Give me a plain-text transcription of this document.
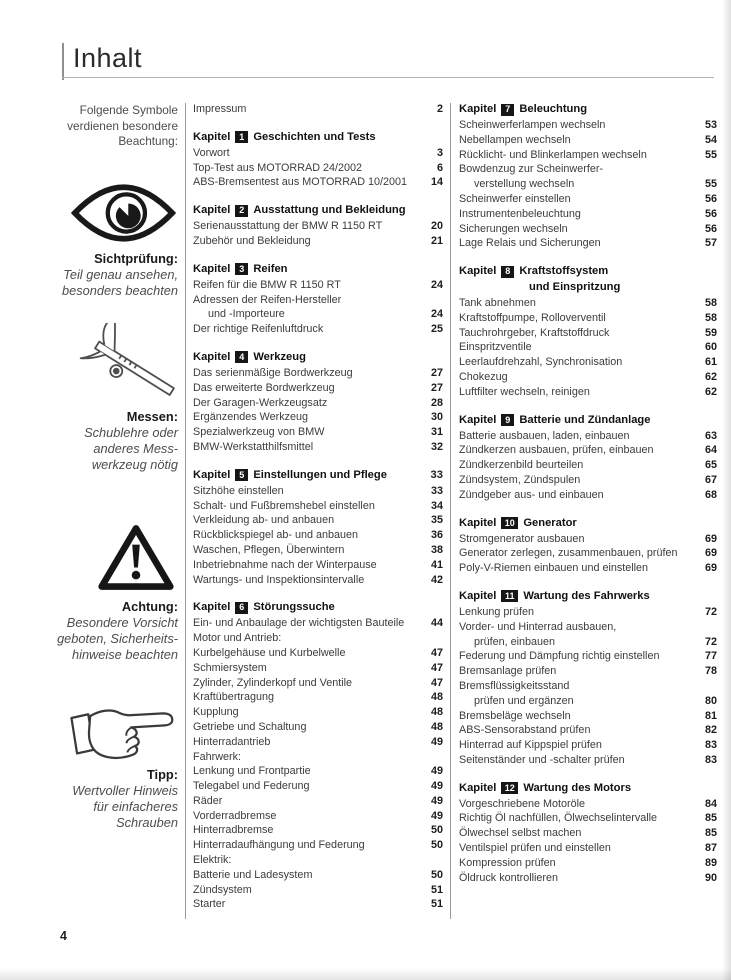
Inhalt

Folgende Symbole
verdienen besondere
Beachtung:

Sichtprüfung:
Teil genau ansehen,
besonders beachten
Messen:
Schublehre oder
anderes Mess-
werkzeug nötig
Achtung:
Besondere Vorsicht
geboten, Sicherheits-
hinweise beachten
Tipp:
Wertvoller Hinweis
für einfacheres
Schrauben
Impressum	2
Kapitel 1 Geschichten und Tests
Vorwort	3
Top-Test aus MOTORRAD 24/2002	6
ABS-Bremsentest aus MOTORRAD 10/2001	14
Kapitel 2 Ausstattung und Bekleidung
Serienausstattung der BMW R 1150 RT	20
Zubehör und Bekleidung	21
Kapitel 3 Reifen
Reifen für die BMW R 1150 RT	24
Adressen der Reifen-Hersteller
und -Importeure	24
Der richtige Reifenluftdruck	25
Kapitel 4 Werkzeug
Das serienmäßige Bordwerkzeug	27
Das erweiterte Bordwerkzeug	27
Der Garagen-Werkzeugsatz	28
Ergänzendes Werkzeug	30
Spezialwerkzeug von BMW	31
BMW-Werkstatthilfsmittel	32
Kapitel 5 Einstellungen und Pflege	33
Sitzhöhe einstellen	33
Schalt- und Fußbremshebel einstellen	34
Verkleidung ab- und anbauen	35
Rückblickspiegel ab- und anbauen	36
Waschen, Pflegen, Überwintern	38
Inbetriebnahme nach der Winterpause	41
Wartungs- und Inspektionsintervalle	42
Kapitel 6 Störungssuche
Ein- und Anbaulage der wichtigsten Bauteile	44
Motor und Antrieb:
Kurbelgehäuse und Kurbelwelle	47
Schmiersystem	47
Zylinder, Zylinderkopf und Ventile	47
Kraftübertragung	48
Kupplung	48
Getriebe und Schaltung	48
Hinterradantrieb	49
Fahrwerk:
Lenkung und Frontpartie	49
Telegabel und Federung	49
Räder	49
Vorderradbremse	49
Hinterradbremse	50
Hinterradaufhängung und Federung	50
Elektrik:
Batterie und Ladesystem	50
Zündsystem	51
Starter	51
Kapitel 7 Beleuchtung
Scheinwerferlampen wechseln	53
Nebellampen wechseln	54
Rücklicht- und Blinkerlampen wechseln	55
Bowdenzug zur Scheinwerfer-
verstellung wechseln	55
Scheinwerfer einstellen	56
Instrumentenbeleuchtung	56
Sicherungen wechseln	56
Lage Relais und Sicherungen	57
Kapitel 8 Kraftstoffsystem
und Einspritzung
Tank abnehmen	58
Kraftstoffpumpe, Rolloverventil	58
Tauchrohrgeber, Kraftstoffdruck	59
Einspritzventile	60
Leerlaufdrehzahl, Synchronisation	61
Chokezug	62
Luftfilter wechseln, reinigen	62
Kapitel 9 Batterie und Zündanlage
Batterie ausbauen, laden, einbauen	63
Zündkerzen ausbauen, prüfen, einbauen	64
Zündkerzenbild beurteilen	65
Zündsystem, Zündspulen	67
Zündgeber aus- und einbauen	68
Kapitel 10 Generator
Stromgenerator ausbauen	69
Generator zerlegen, zusammenbauen, prüfen	69
Poly-V-Riemen einbauen und einstellen	69
Kapitel 11 Wartung des Fahrwerks
Lenkung prüfen	72
Vorder- und Hinterrad ausbauen,
prüfen, einbauen	72
Federung und Dämpfung richtig einstellen	77
Bremsanlage prüfen	78
Bremsflüssigkeitsstand
prüfen und ergänzen	80
Bremsbeläge wechseln	81
ABS-Sensorabstand prüfen	82
Hinterrad auf Kippspiel prüfen	83
Seitenständer und -schalter prüfen	83
Kapitel 12 Wartung des Motors
Vorgeschriebene Motoröle	84
Richtig Öl nachfüllen, Ölwechselintervalle	85
Ölwechsel selbst machen	85
Ventilspiel prüfen und einstellen	87
Kompression prüfen	89
Öldruck kontrollieren	90
4
